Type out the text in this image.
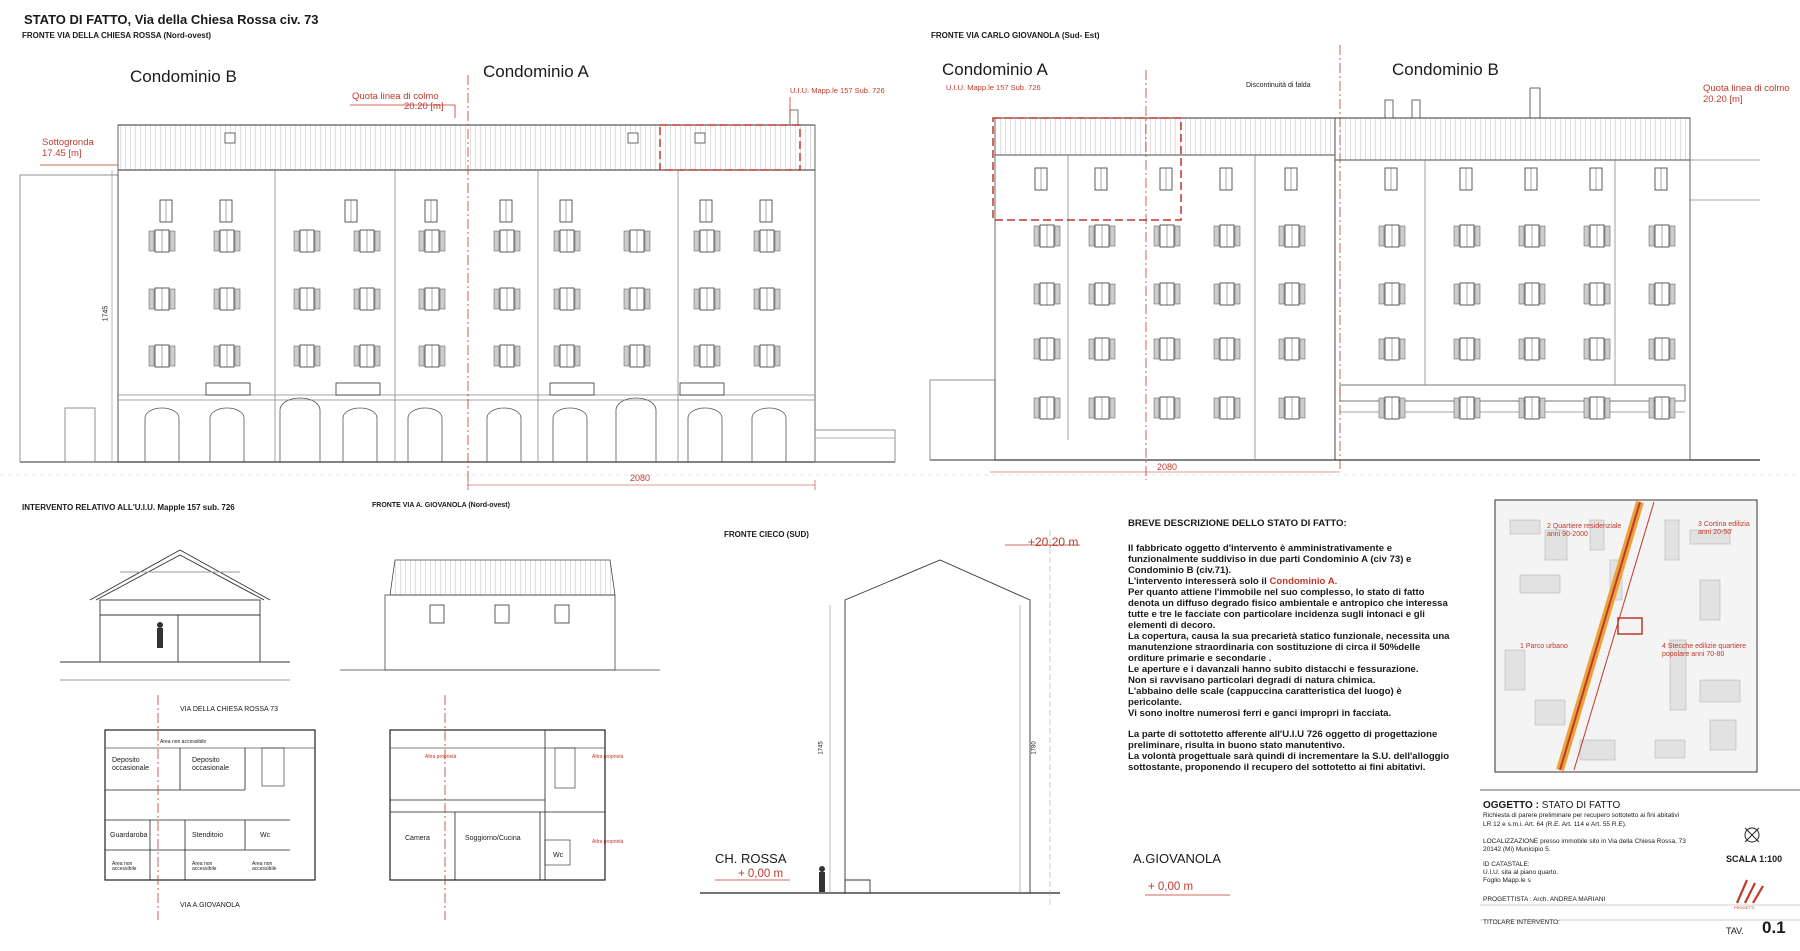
STATO DI FATTO, Via della Chiesa Rossa civ. 73
FRONTE VIA DELLA CHIESA ROSSA (Nord-ovest)
Condominio B	Condominio A
Quota linea di colmo
20.20 [m]
Sottogronda
17.45 [m]
U.I.U. Mapp.le 157 Sub. 726
2080
1745
FRONTE VIA CARLO GIOVANOLA (Sud- Est)
Condominio A	Condominio B
U.I.U. Mapp.le 157 Sub. 726	Discontinuità di falda	Quota linea di colmo
20.20 [m]
2080
INTERVENTO RELATIVO ALL'U.I.U. Mapple 157 sub. 726	FRONTE VIA A. GIOVANOLA (Nord-ovest)
VIA DELLA CHIESA ROSSA 73
VIA A.GIOVANOLA
Deposito occasionale
Deposito occasionale
Guardaroba	Stenditoio	Wc
Area non accessibile
Area non accessibile
Area non accessibile
Area non accessibile
Camera	Soggiorno/Cucina
Wc
Altra proprietà	Altra proprietà
Altra proprietà
FRONTE CIECO (SUD)
+20,20 m
CH. ROSSA
+ 0,00 m
A.GIOVANOLA
+ 0,00 m
1745	1780

BREVE DESCRIZIONE DELLO STATO DI FATTO:

Il fabbricato oggetto d'intervento è amministrativamente e funzionalmente suddiviso in due parti Condominio A (civ 73) e Condominio B (civ.71).

L'intervento interesserà solo il Condominio A.

Per quanto attiene l'immobile nel suo complesso, lo stato di fatto denota un diffuso degrado fisico ambientale e antropico che interessa tutte e tre le facciate con particolare incidenza sugli intonaci e gli elementi di decoro.

La copertura, causa la sua precarietà statico funzionale, necessita una manutenzione straordinaria con sostituzione di circa il 50%delle orditure primarie e secondarie .

Le aperture e i davanzali hanno subito distacchi e fessurazione.

Non si ravvisano particolari degradi di natura chimica.

L'abbaino delle scale (cappuccina caratteristica del luogo) è pericolante.

Vi sono inoltre numerosi ferri e ganci impropri in facciata.

La parte di sottotetto afferente all'U.I.U 726 oggetto di progettazione preliminare, risulta in buono stato manutentivo.

La volontà progettuale sarà quindi di incrementare la S.U. dell'alloggio sottostante, proponendo il recupero del sottotetto ai fini abitativi.

1 Parco urbano
2 Quartiere residenziale anni 90-2000
3 Cortina edilizia anni 20-50'
4 Stecche edilizie quartiere popolare anni 70-80
OGGETTO : STATO DI FATTO
Richiesta di parere preliminare per recupero sottotetto ai fini abitativi
LR 12 e s.m.i. Art. 64 (R.E. Art. 114 e Art. 55 R.E).
LOCALIZZAZIONE presso immobile sito in Via della Chiesa Rossa, 73 20142 (Mi) Municipio 5.
ID CATASTALE:
U.I.U. sita al piano quarto.
Foglio Mapp.le s
SCALA 1:100
PROGETTISTA : Arch. ANDREA MARIANI
TITOLARE INTERVENTO:
PROGETTI
TAV. 0.1
